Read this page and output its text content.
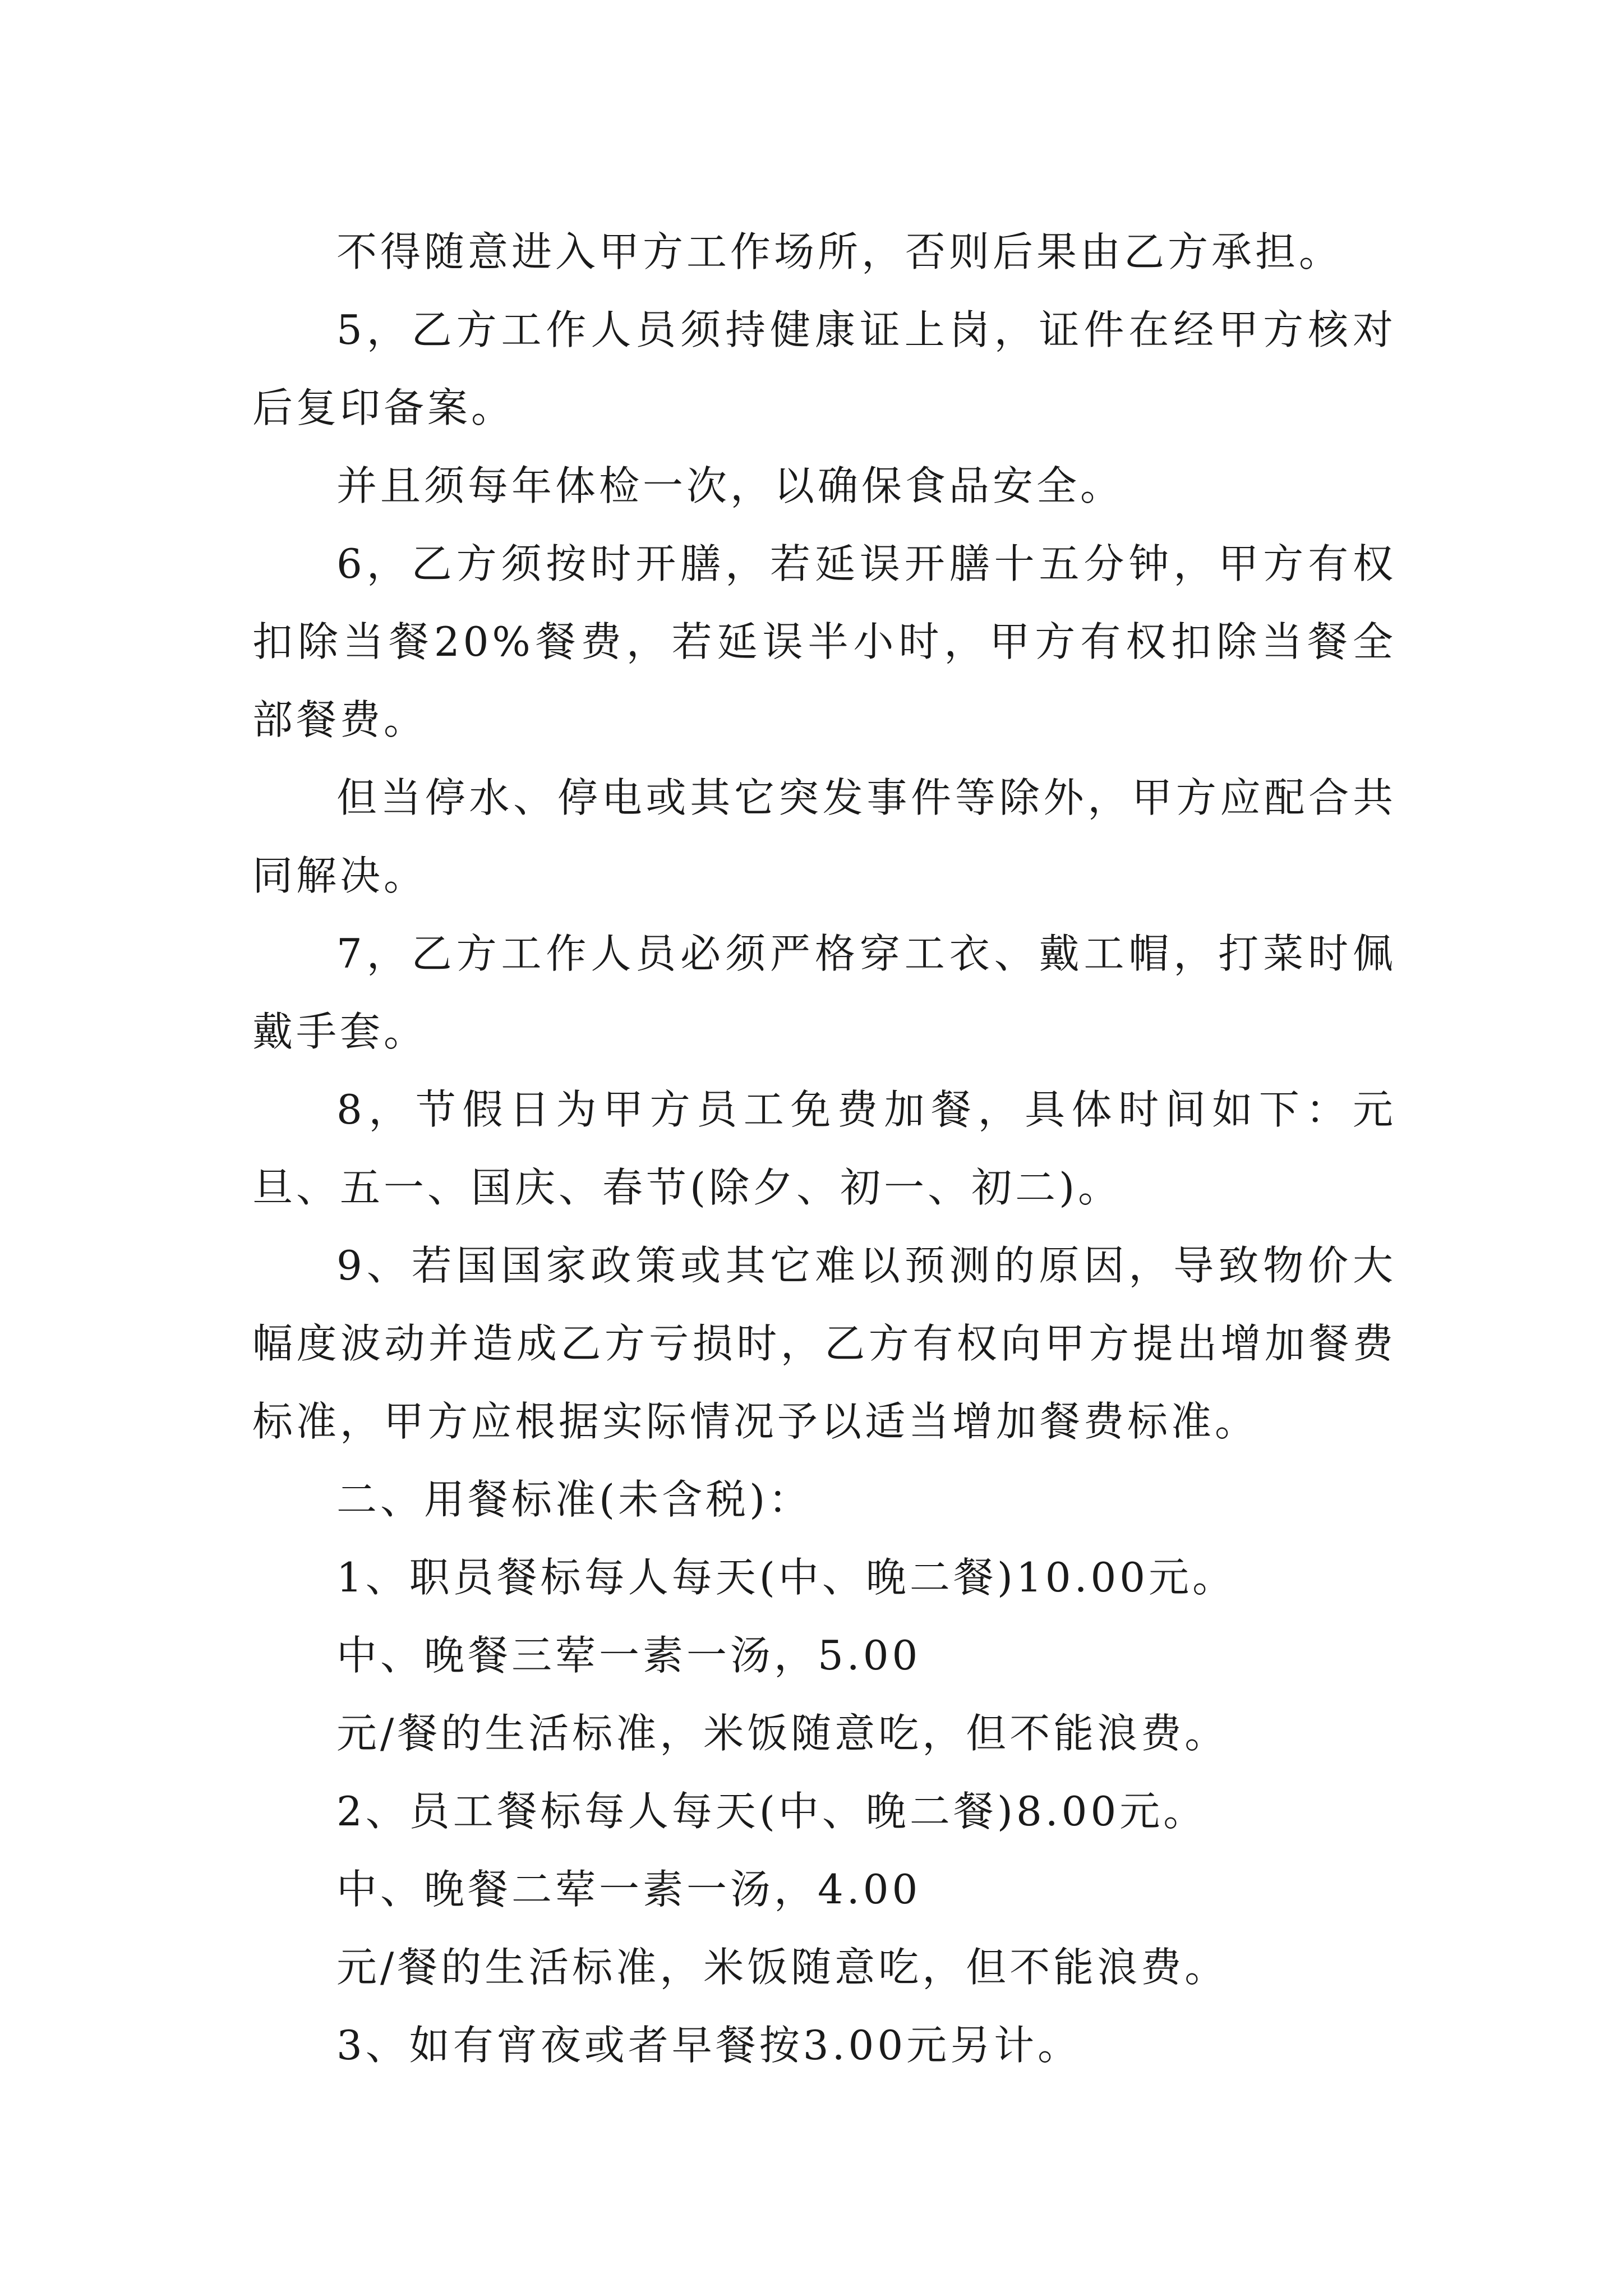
不得随意进入甲方工作场所，否则后果由乙方承担。

5，乙方工作人员须持健康证上岗，证件在经甲方核对后复印备案。

并且须每年体检一次，以确保食品安全。

6，乙方须按时开膳，若延误开膳十五分钟，甲方有权扣除当餐20%餐费，若延误半小时，甲方有权扣除当餐全部餐费。

但当停水、停电或其它突发事件等除外，甲方应配合共同解决。

7，乙方工作人员必须严格穿工衣、戴工帽，打菜时佩戴手套。

8，节假日为甲方员工免费加餐，具体时间如下：元旦、五一、国庆、春节(除夕、初一、初二)。

9、若国国家政策或其它难以预测的原因，导致物价大幅度波动并造成乙方亏损时，乙方有权向甲方提出增加餐费标准，甲方应根据实际情况予以适当增加餐费标准。

二、用餐标准(未含税)：

1、职员餐标每人每天(中、晚二餐)10.00元。

中、晚餐三荤一素一汤，5.00

元/餐的生活标准，米饭随意吃，但不能浪费。

2、员工餐标每人每天(中、晚二餐)8.00元。

中、晚餐二荤一素一汤，4.00

元/餐的生活标准，米饭随意吃，但不能浪费。

3、如有宵夜或者早餐按3.00元另计。
